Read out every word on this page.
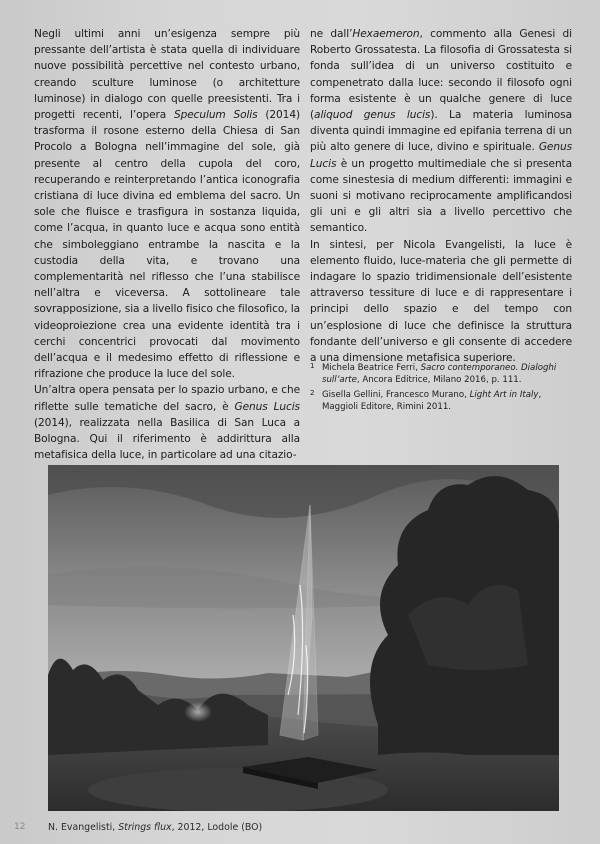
Negli ultimi anni un’esigenza sempre più pressante dell’artista è stata quella di individuare nuove possibilità percettive nel contesto urbano, creando sculture luminose (o architetture luminose) in dialogo con quelle preesistenti. Tra i progetti recenti, l’opera Speculum Solis (2014) trasforma il rosone esterno della Chiesa di San Procolo a Bologna nell’immagine del sole, già presente al centro della cupola del coro, recuperando e reinterpretando l’antica iconografia cristiana di luce divina ed emblema del sacro. Un sole che fluisce e trasfigura in sostanza liquida, come l’acqua, in quanto luce e acqua sono entità che simboleggiano entrambe la nascita e la custodia della vita, e trovano una complementarità nel riflesso che l’una stabilisce nell’altra e viceversa. A sottolineare tale sovrapposizione, sia a livello fisico che filosofico, la videoproiezione crea una evidente identità tra i cerchi concentrici provocati dal movimento dell’acqua e il medesimo effetto di riflessione e rifrazione che produce la luce del sole.

Un’altra opera pensata per lo spazio urbano, e che riflette sulle tematiche del sacro, è Genus Lucis (2014), realizzata nella Basilica di San Luca a Bologna. Qui il riferimento è addirittura alla metafisica della luce, in particolare ad una citazio-

ne dall’Hexaemeron, commento alla Genesi di Roberto Grossatesta. La filosofia di Grossatesta si fonda sull’idea di un universo costituito e compenetrato dalla luce: secondo il filosofo ogni forma esistente è un qualche genere di luce (aliquod genus lucis). La materia luminosa diventa quindi immagine ed epifania terrena di un più alto genere di luce, divino e spirituale. Genus Lucis è un progetto multimediale che si presenta come sinestesia di medium differenti: immagini e suoni si motivano reciprocamente amplificandosi gli uni e gli altri sia a livello percettivo che semantico.

In sintesi, per Nicola Evangelisti, la luce è elemento fluido, luce-materia che gli permette di indagare lo spazio tridimensionale dell’esistente attraverso tessiture di luce e di rappresentare i principi dello spazio e del tempo con un’esplosione di luce che definisce la struttura fondante dell’universo e gli consente di accedere a una dimensione metafisica superiore.

1 Michela Beatrice Ferri, Sacro contemporaneo. Dialoghi sull’arte, Ancora Editrice, Milano 2016, p. 111.
2 Gisella Gellini, Francesco Murano, Light Art in Italy, Maggioli Editore, Rimini 2011.
12 N. Evangelisti, Strings flux, 2012, Lodole (BO)
